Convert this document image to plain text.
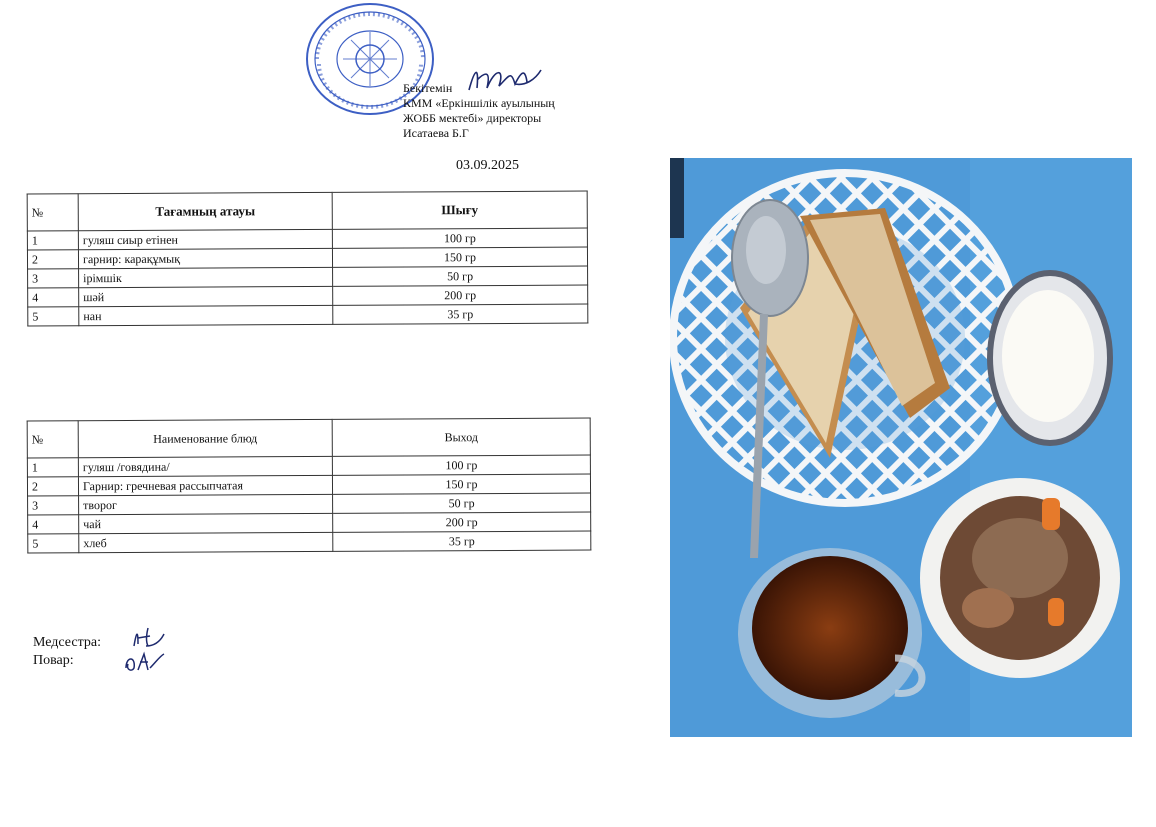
Бекітемін
КММ «Еркіншілік ауылының
ЖОББ мектебі» директоры
Исатаева Б.Г
03.09.2025
№	Тағамның атауы	Шығу
1	гуляш сиыр етінен	100 гр
2	гарнир: карақұмық	150 гр
3	ірімшік	50 гр
4	шәй	200 гр
5	нан	35 гр
№	Наименование блюд	Выход
1	гуляш /говядина/	100 гр
2	Гарнир: гречневая рассыпчатая	150 гр
3	творог	50 гр
4	чай	200 гр
5	хлеб	35 гр
Медсестра:
Повар:
